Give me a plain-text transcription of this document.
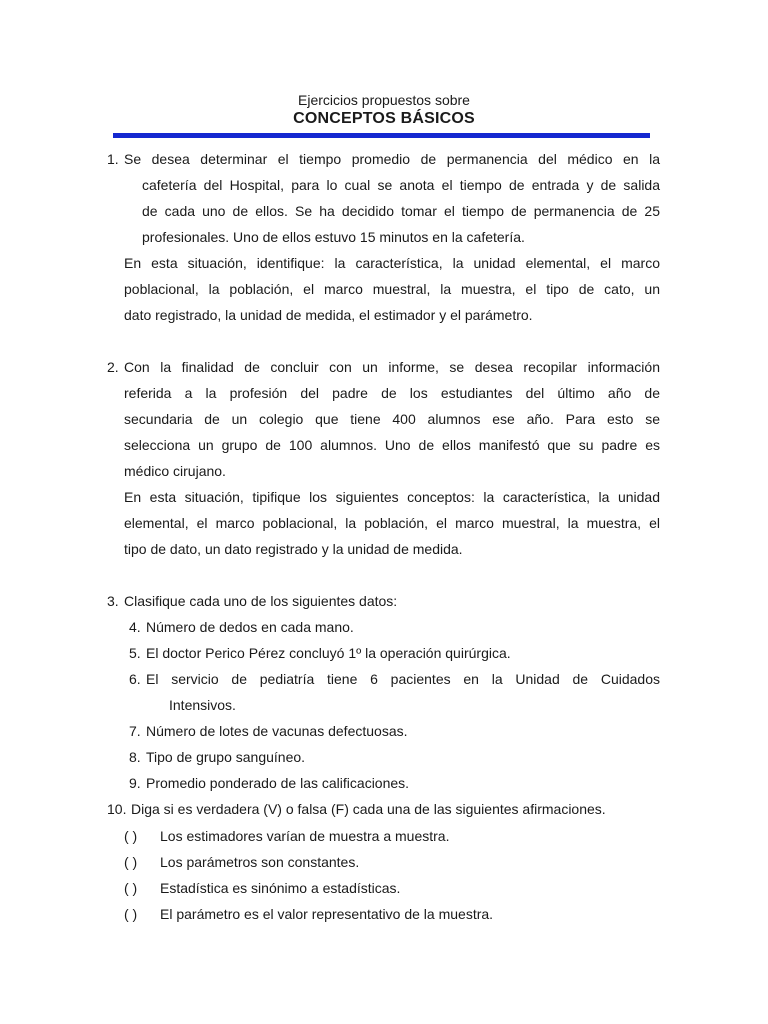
Ejercicios propuestos sobre
CONCEPTOS BÁSICOS
1. Se desea determinar el tiempo promedio de permanencia del médico en la
cafetería del Hospital, para lo cual se anota el tiempo de entrada y de salida
de cada uno de ellos. Se ha decidido tomar el tiempo de permanencia de 25
profesionales. Uno de ellos estuvo 15 minutos en la cafetería.
En esta situación, identifique: la característica, la unidad elemental, el marco
poblacional, la población, el marco muestral, la muestra, el tipo de cato, un
dato registrado, la unidad de medida, el estimador y el parámetro.
2. Con la finalidad de concluir con un informe, se desea recopilar información
referida a la profesión del padre de los estudiantes del último año de
secundaria de un colegio que tiene 400 alumnos ese año. Para esto se
selecciona un grupo de 100 alumnos. Uno de ellos manifestó que su padre es
médico cirujano.
En esta situación, tipifique los siguientes conceptos: la característica, la unidad
elemental, el marco poblacional, la población, el marco muestral, la muestra, el
tipo de dato, un dato registrado y la unidad de medida.
3. Clasifique cada uno de los siguientes datos:
4. Número de dedos en cada mano.
5. El doctor Perico Pérez concluyó 1º la operación quirúrgica.
6. El servicio de pediatría tiene 6 pacientes en la Unidad de Cuidados
Intensivos.
7. Número de lotes de vacunas defectuosas.
8. Tipo de grupo sanguíneo.
9. Promedio ponderado de las calificaciones.
10. Diga si es verdadera (V) o falsa (F) cada una de las siguientes afirmaciones.
( ) Los estimadores varían de muestra a muestra.
( ) Los parámetros son constantes.
( ) Estadística es sinónimo a estadísticas.
( ) El parámetro es el valor representativo de la muestra.
